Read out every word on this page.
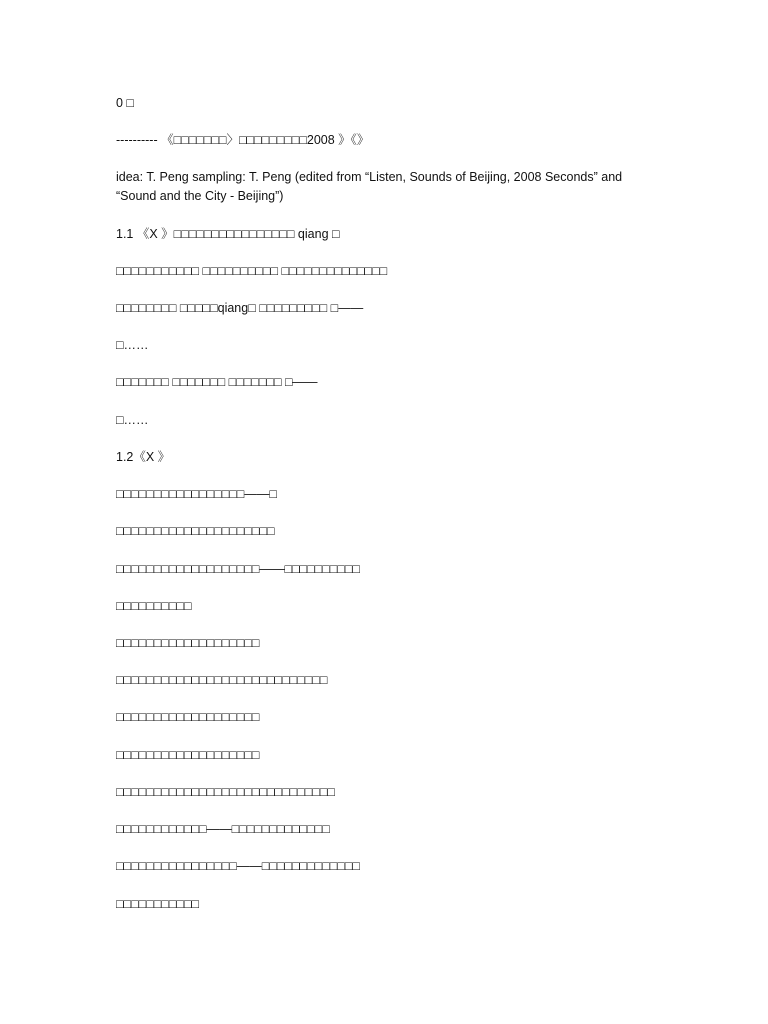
0 □
---------- 《□□□□□□□〉□□□□□□□□□2008 》《》
idea: T. Peng sampling: T. Peng (edited from “Listen, Sounds of Beijing, 2008 Seconds” and “Sound and the City - Beijing”)
1.1 《X 》□□□□□□□□□□□□□□□□ qiang □
□□□□□□□□□□□ □□□□□□□□□□ □□□□□□□□□□□□□□
□□□□□□□□ □□□□□qiang□ □□□□□□□□□ □——
□……
□□□□□□□ □□□□□□□ □□□□□□□ □——
□……
1.2《X 》
□□□□□□□□□□□□□□□□□——□
□□□□□□□□□□□□□□□□□□□□□
□□□□□□□□□□□□□□□□□□□——□□□□□□□□□□
□□□□□□□□□□
□□□□□□□□□□□□□□□□□□□
□□□□□□□□□□□□□□□□□□□□□□□□□□□□
□□□□□□□□□□□□□□□□□□□
□□□□□□□□□□□□□□□□□□□
□□□□□□□□□□□□□□□□□□□□□□□□□□□□□
□□□□□□□□□□□□——□□□□□□□□□□□□□
□□□□□□□□□□□□□□□□——□□□□□□□□□□□□□
□□□□□□□□□□□
